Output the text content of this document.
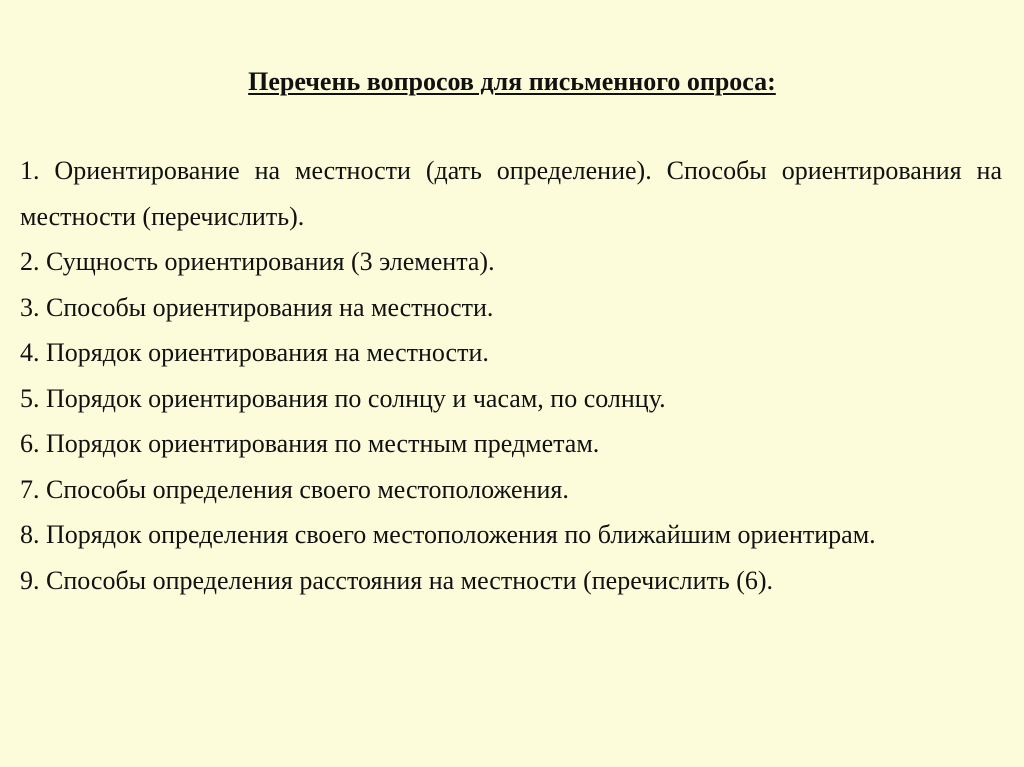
Перечень вопросов для письменного опроса:

1. Ориентирование на местности (дать определение). Способы ориентирования на местности (перечислить).

2. Сущность ориентирования (3 элемента).

3. Способы ориентирования на местности.

4. Порядок ориентирования на местности.

5. Порядок ориентирования по солнцу и часам, по солнцу.

6. Порядок ориентирования по местным предметам.

7. Способы определения своего местоположения.

8. Порядок определения своего местоположения по ближайшим ориентирам.

9. Способы определения расстояния на местности (перечислить (6).
